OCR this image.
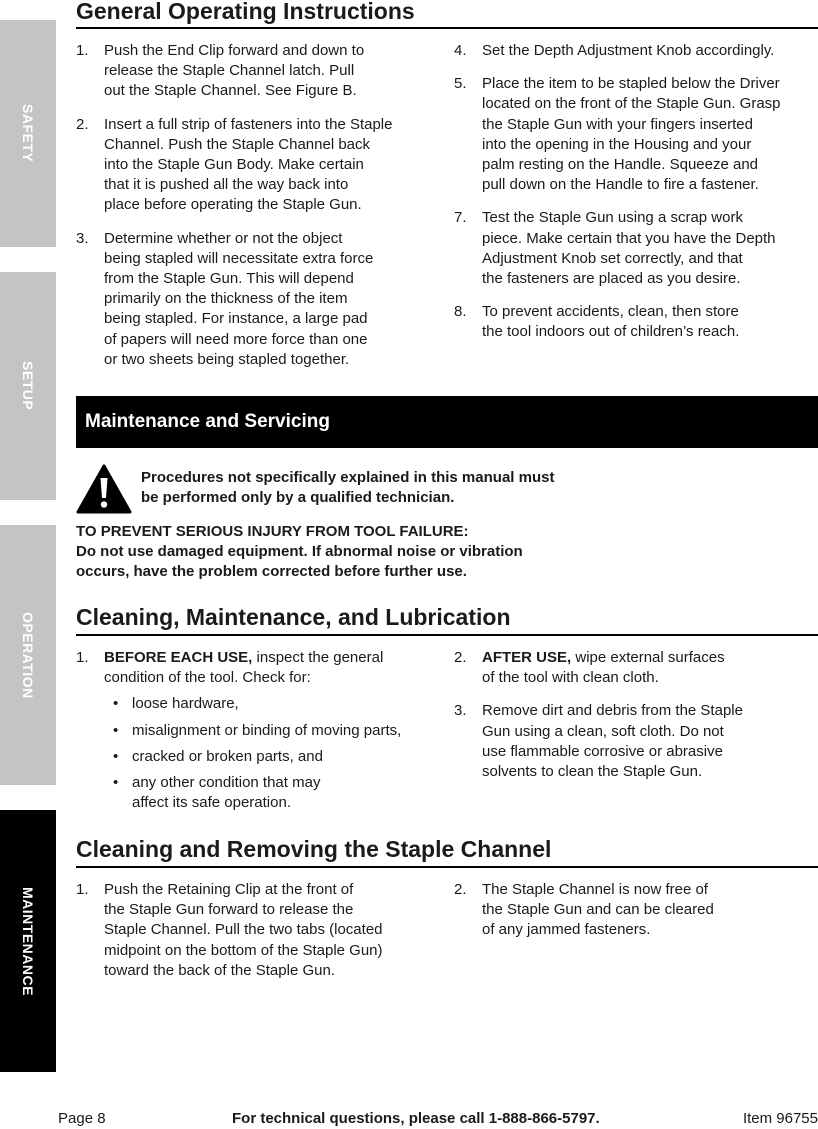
SAFETY
SETUP
OPERATION
MAINTENANCE
General Operating Instructions
1. Push the End Clip forward and down to
release the Staple Channel latch. Pull
out the Staple Channel. See Figure B.

2. Insert a full strip of fasteners into the Staple
Channel. Push the Staple Channel back
into the Staple Gun Body. Make certain
that it is pushed all the way back into
place before operating the Staple Gun.

3. Determine whether or not the object
being stapled will necessitate extra force
from the Staple Gun. This will depend
primarily on the thickness of the item
being stapled. For instance, a large pad
of papers will need more force than one
or two sheets being stapled together.

4. Set the Depth Adjustment Knob accordingly.

5. Place the item to be stapled below the Driver
located on the front of the Staple Gun. Grasp
the Staple Gun with your fingers inserted
into the opening in the Housing and your
palm resting on the Handle. Squeeze and
pull down on the Handle to fire a fastener.

7. Test the Staple Gun using a scrap work
piece. Make certain that you have the Depth
Adjustment Knob set correctly, and that
the fasteners are placed as you desire.

8. To prevent accidents, clean, then store
the tool indoors out of children’s reach.

Maintenance and Servicing

Procedures not specifically explained in this manual must
be performed only by a qualified technician.

TO PREVENT SERIOUS INJURY FROM TOOL FAILURE:

Do not use damaged equipment. If abnormal noise or vibration
occurs, have the problem corrected before further use.

Cleaning, Maintenance, and Lubrication
1. BEFORE EACH USE, inspect the general
condition of the tool. Check for:

• loose hardware,

• misalignment or binding of moving parts,

• cracked or broken parts, and

• any other condition that may
affect its safe operation.

2. AFTER USE, wipe external surfaces
of the tool with clean cloth.

3. Remove dirt and debris from the Staple
Gun using a clean, soft cloth. Do not
use flammable corrosive or abrasive
solvents to clean the Staple Gun.

Cleaning and Removing the Staple Channel
1. Push the Retaining Clip at the front of
the Staple Gun forward to release the
Staple Channel. Pull the two tabs (located
midpoint on the bottom of the Staple Gun)
toward the back of the Staple Gun.

2. The Staple Channel is now free of
the Staple Gun and can be cleared
of any jammed fasteners.

Page 8	For technical questions, please call 1-888-866-5797.	Item 96755
